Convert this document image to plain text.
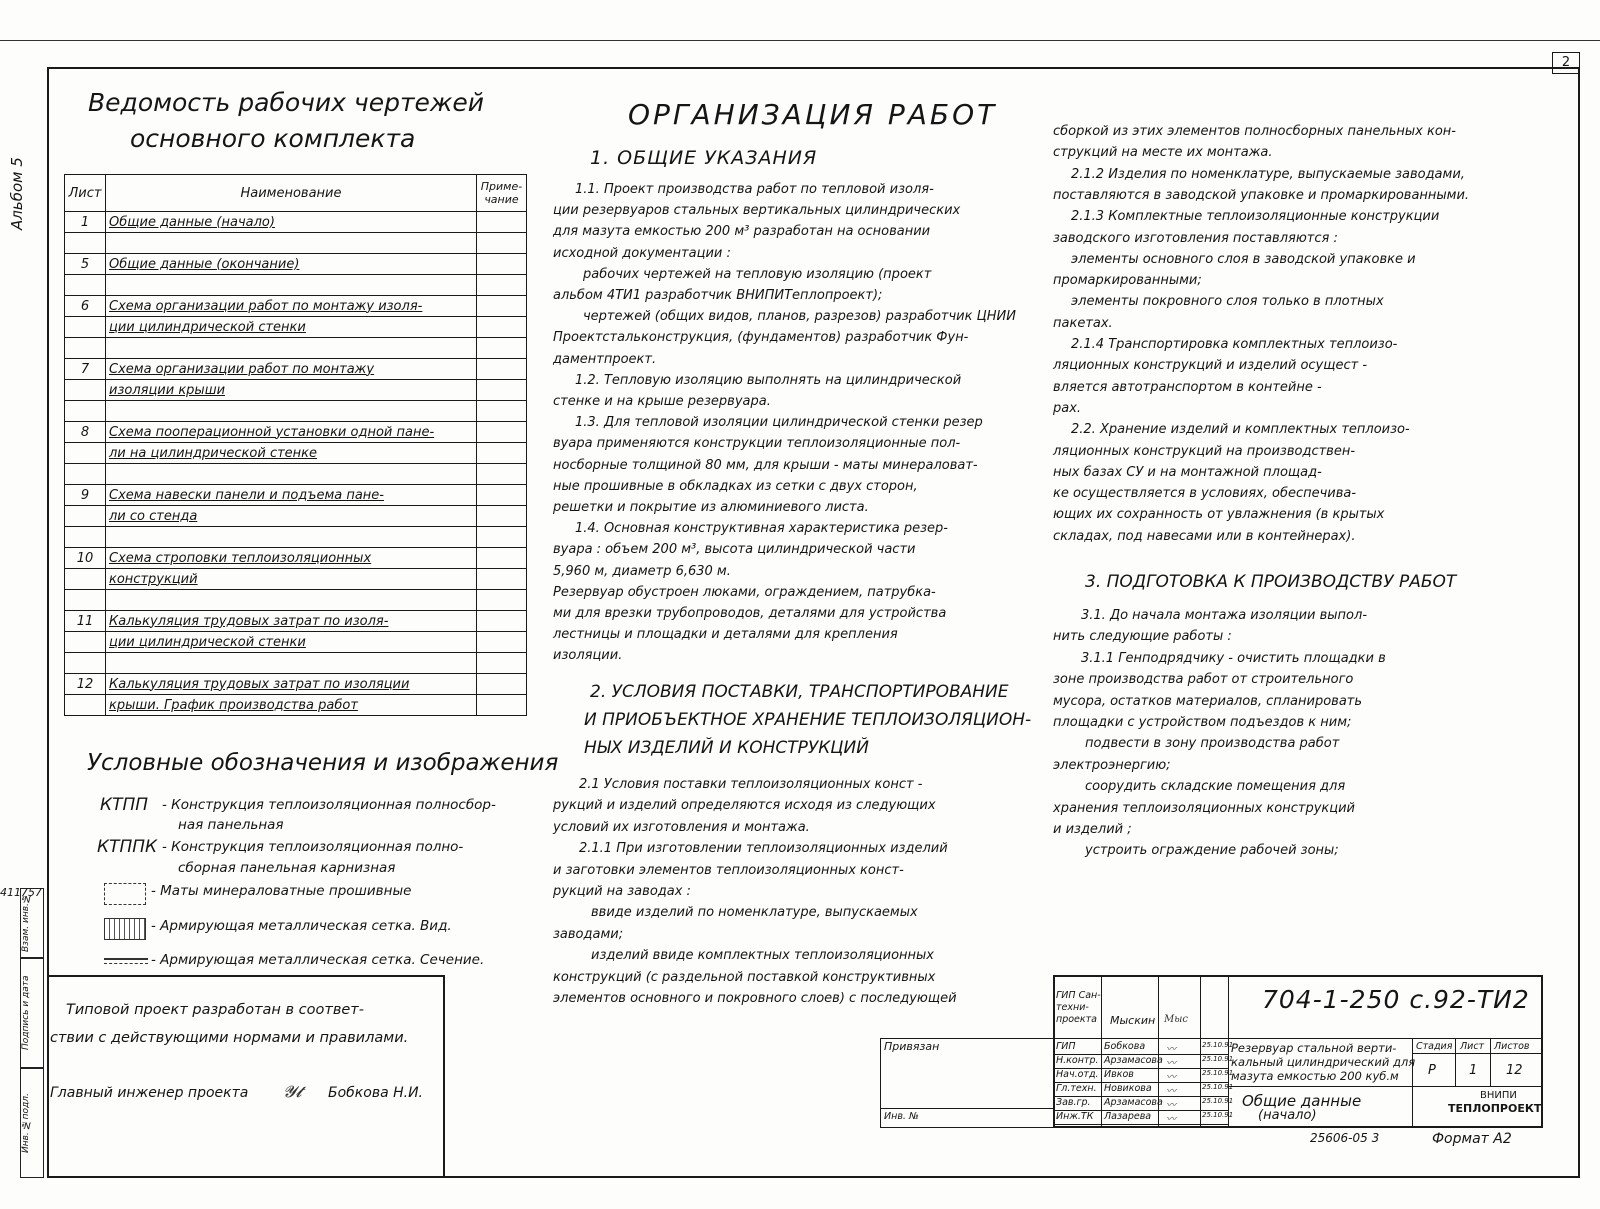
2
Альбом 5
411757
Взам. инв.№
Подпись и дата
Инв. №подл.
Ведомость рабочих чертежей
основного комплекта
Лист	Наименование	Приме-
чание
1	Общие данные (начало)	

5	Общие данные (окончание)	

6	Схема организации работ по монтажу изоля-	
	ции цилиндрической стенки	

7	Схема организации работ по монтажу	
	изоляции крыши	

8	Схема пооперационной установки одной пане-	
	ли на цилиндрической стенке	

9	Схема навески панели и подъема пане-	
	ли со стенда	

10	Схема строповки теплоизоляционных	
	конструкций	

11	Калькуляция трудовых затрат по изоля-	
	ции цилиндрической стенки	

12	Калькуляция трудовых затрат по изоляции	
	крыши. График производства работ	
Условные обозначения и изображения
КТПП - Конструкция теплоизоляционная полносбор-
ная панельная
КТППК - Конструкция теплоизоляционная полно-
сборная панельная карнизная
- Маты минераловатные прошивные
- Армирующая металлическая сетка. Вид.
- Армирующая металлическая сетка. Сечение.
Типовой проект разработан в соответ-
ствии с действующими нормами и правилами.
Главный инженер проекта 𝓨𝓽 Бобкова Н.И.
ОРГАНИЗАЦИЯ РАБОТ
1. ОБЩИЕ УКАЗАНИЯ
1.1. Проект производства работ по тепловой изоля-
ции резервуаров стальных вертикальных цилиндрических
для мазута емкостью 200 м³ разработан на основании
исходной документации :
рабочих чертежей на тепловую изоляцию (проект
альбом 4ТИ1 разработчик ВНИПИТеплопроект);
чертежей (общих видов, планов, разрезов) разработчик ЦНИИ
Проектстальконструкция, (фундаментов) разработчик Фун-
даментпроект.
1.2. Тепловую изоляцию выполнять на цилиндрической
стенке и на крыше резервуара.
1.3. Для тепловой изоляции цилиндрической стенки резер
вуара применяются конструкции теплоизоляционные пол-
носборные толщиной 80 мм, для крыши - маты минераловат-
ные прошивные в обкладках из сетки с двух сторон,
решетки и покрытие из алюминиевого листа.
1.4. Основная конструктивная характеристика резер-
вуара : объем 200 м³, высота цилиндрической части
5,960 м, диаметр 6,630 м.
Резервуар обустроен люками, ограждением, патрубка-
ми для врезки трубопроводов, деталями для устройства
лестницы и площадки и деталями для крепления
изоляции.
2. УСЛОВИЯ ПОСТАВКИ, ТРАНСПОРТИРОВАНИЕ
И ПРИОБЪЕКТНОЕ ХРАНЕНИЕ ТЕПЛОИЗОЛЯЦИОН-
НЫХ ИЗДЕЛИЙ И КОНСТРУКЦИЙ
2.1 Условия поставки теплоизоляционных конст -
рукций и изделий определяются исходя из следующих
условий их изготовления и монтажа.
2.1.1 При изготовлении теплоизоляционных изделий
и заготовки элементов теплоизоляционных конст-
рукций на заводах :
ввиде изделий по номенклатуре, выпускаемых
заводами;
изделий ввиде комплектных теплоизоляционных
конструкций (с раздельной поставкой конструктивных
элементов основного и покровного слоев) с последующей
сборкой из этих элементов полносборных панельных кон-
струкций на месте их монтажа.
2.1.2 Изделия по номенклатуре, выпускаемые заводами,
поставляются в заводской упаковке и промаркированными.
2.1.3 Комплектные теплоизоляционные конструкции
заводского изготовления поставляются :
элементы основного слоя в заводской упаковке и
промаркированными;
элементы покровного слоя только в плотных
пакетах.
2.1.4 Транспортировка комплектных теплоизо-
ляционных конструкций и изделий осущест -
вляется автотранспортом в контейне -
рах.
2.2. Хранение изделий и комплектных теплоизо-
ляционных конструкций на производствен-
ных базах СУ и на монтажной площад-
ке осуществляется в условиях, обеспечива-
ющих их сохранность от увлажнения (в крытых
складах, под навесами или в контейнерах).
3. ПОДГОТОВКА К ПРОИЗВОДСТВУ РАБОТ
3.1. До начала монтажа изоляции выпол-
нить следующие работы :
3.1.1 Генподрядчику - очистить площадки в
зоне производства работ от строительного
мусора, остатков материалов, спланировать
площадки с устройством подъездов к ним;
подвести в зону производства работ
электроэнергию;
соорудить складские помещения для
хранения теплоизоляционных конструкций
и изделий ;
устроить ограждение рабочей зоны;
Привязан
Инв. №
ГИП Сан-
техни-
проекта Мыскин Мыс
ГИП	Бобкова	25.10.91
〰
Н.контр. Арзамасова	25.10.91
〰
Нач.отд. Ивков	25.10.91
〰
Гл.техн. Новикова	25.10.91
〰
Зав.гр. Арзамасова	25.10.91
〰
Инж.ТК Лазарева	25.10.91
〰
704-1-250 с.92-ТИ2
Резервуар стальной верти-
кальный цилиндрический для
мазута емкостью 200 куб.м
Стадия Лист Листов
Р	1 12
Общие данные
(начало)
ВНИПИ
ТЕПЛОПРОЕКТ
25606-05 3	Формат А2
